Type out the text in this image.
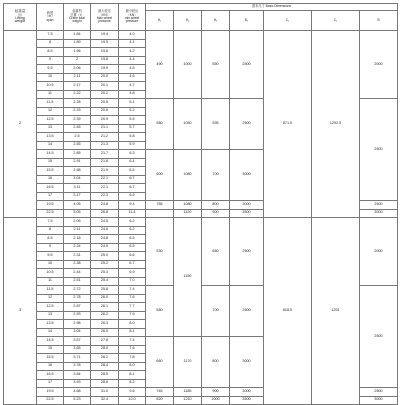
起重量
（t）
Lifting
weight	跨度
（m）
span	起重机
总重（t）
Crane total
weight	最大轮压
（KN）
Max.wheel
pressure	最小轮压
（KN）
min.wheel
pressure	基本尺寸 Basic Dimensions						
					H₁	H₂	H₃	B₀	C₁	C₂	B
2	7.5	1.84	19.4	4.0	490	1000	550	2500	871.5	1292.5	2000
	8	1.89	19.5	4.1							
	8.5	1.96	19.6	4.2							
	9	2	19.8	4.4							
	9.5	2.06	19.9	4.5							
	10	2.11	20.0	4.6							
	10.5	2.17	20.1	4.7							
	11	2.22	20.2	4.8							
	11.5	2.28	20.5	5.1	580	1050	595	2500			2500
	12	2.33	20.6	5.2							
	12.5	2.39	20.9	5.5							
	13	2.45	21.1	5.7							
	13.5	2.5	21.2	5.8							
	14	2.55	21.3	5.9							
	14.5	2.85	21.7	6.3	600	1080	700	3000			
	15	2.91	21.8	6.4							
	15.5	2.98	21.9	6.5							
	16	3.04	22.1	6.7							
	16.5	3.11	22.1	6.7							
	17	3.17	22.3	6.9							
	19.5	4.05	24.8	9.4	785	1080	800	3000			2500
	22.5	5.05	26.8	11.4		1120	900	3500			3000
3	7.5	2.05	24.5	6.2	530	1150	650	2500	818.5	1291	2000
	8	2.11	24.6	6.2							
	8.5	2.18	24.8	6.5							
	9	2.24	24.9	6.5							
	9.5	2.31	25.0	6.6							
	10	2.38	25.2	6.7							
	10.5	2.44	25.3	6.9							
	11	2.51	25.4	7.0							
	11.5	2.72	25.8	7.4	580		700	2500			2500
	12	2.78	26.0	7.6							
	12.5	2.87	26.1	7.7							
	13	2.93	26.2	7.9							
	13.5	2.98	26.3	8.0							
	14	3.04	26.5	8.1							
	14.5	3.57	27.8	7.4	660	1170	800	3000			
	15	3.65	28.0	7.6							
	15.5	3.71	28.2	7.8							
	16	3.78	28.4	8.0							
	16.5	3.84	28.5	8.1							
	17	3.93	28.6	8.2							
	19.5	4.68	31.0	9.6	745	1185	900	3000			2500
	22.5	5.23	32.4	12.0	820	1210	1000	3500			3000
